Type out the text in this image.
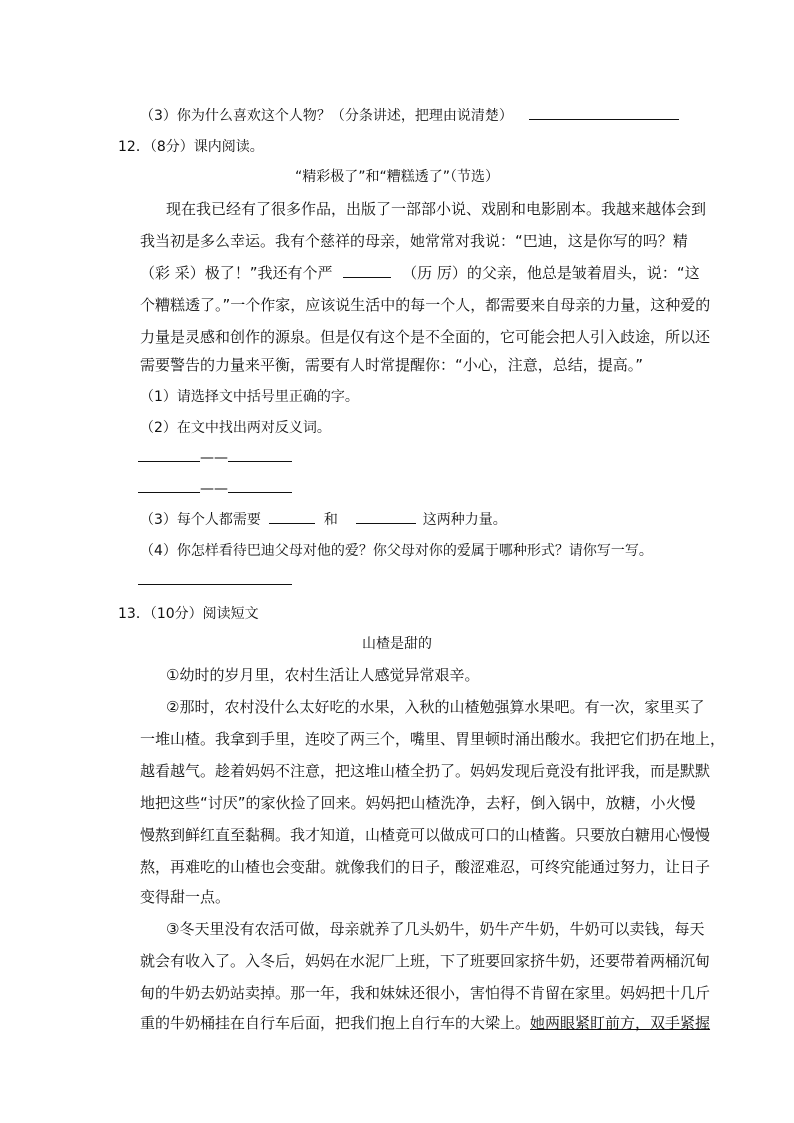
（3）你为什么喜欢这个人物？（分条讲述，把理由说清楚）
12．（8分）课内阅读。
“精彩极了”和“糟糕透了”（节选）
现在我已经有了很多作品，出版了一部部小说、戏剧和电影剧本。我越来越体会到
我当初是多么幸运。我有个慈祥的母亲，她常常对我说：“巴迪，这是你写的吗？精
（彩 采）极了！”我还有个严	（历 厉）的父亲，他总是皱着眉头，说：“这
个糟糕透了。”一个作家，应该说生活中的每一个人，都需要来自母亲的力量，这种爱的
力量是灵感和创作的源泉。但是仅有这个是不全面的，它可能会把人引入歧途，所以还
需要警告的力量来平衡，需要有人时常提醒你：“小心，注意，总结，提高。”
（1）请选择文中括号里正确的字。
（2）在文中找出两对反义词。
——
——
（3）每个人都需要	和	这两种力量。
（4）你怎样看待巴迪父母对他的爱？你父母对你的爱属于哪种形式？请你写一写。
13．（10分）阅读短文
山楂是甜的
①幼时的岁月里，农村生活让人感觉异常艰辛。
②那时，农村没什么太好吃的水果，入秋的山楂勉强算水果吧。有一次，家里买了
一堆山楂。我拿到手里，连咬了两三个，嘴里、胃里顿时涌出酸水。我把它们扔在地上，
越看越气。趁着妈妈不注意，把这堆山楂全扔了。妈妈发现后竟没有批评我，而是默默
地把这些“讨厌”的家伙捡了回来。妈妈把山楂洗净，去籽，倒入锅中，放糖，小火慢
慢熬到鲜红直至黏稠。我才知道，山楂竟可以做成可口的山楂酱。只要放白糖用心慢慢
熬，再难吃的山楂也会变甜。就像我们的日子，酸涩难忍，可终究能通过努力，让日子
变得甜一点。
③冬天里没有农活可做，母亲就养了几头奶牛，奶牛产牛奶，牛奶可以卖钱，每天
就会有收入了。入冬后，妈妈在水泥厂上班，下了班要回家挤牛奶，还要带着两桶沉甸
甸的牛奶去奶站卖掉。那一年，我和妹妹还很小，害怕得不肯留在家里。妈妈把十几斤
重的牛奶桶挂在自行车后面，把我们抱上自行车的大梁上。她两眼紧盯前方，双手紧握
